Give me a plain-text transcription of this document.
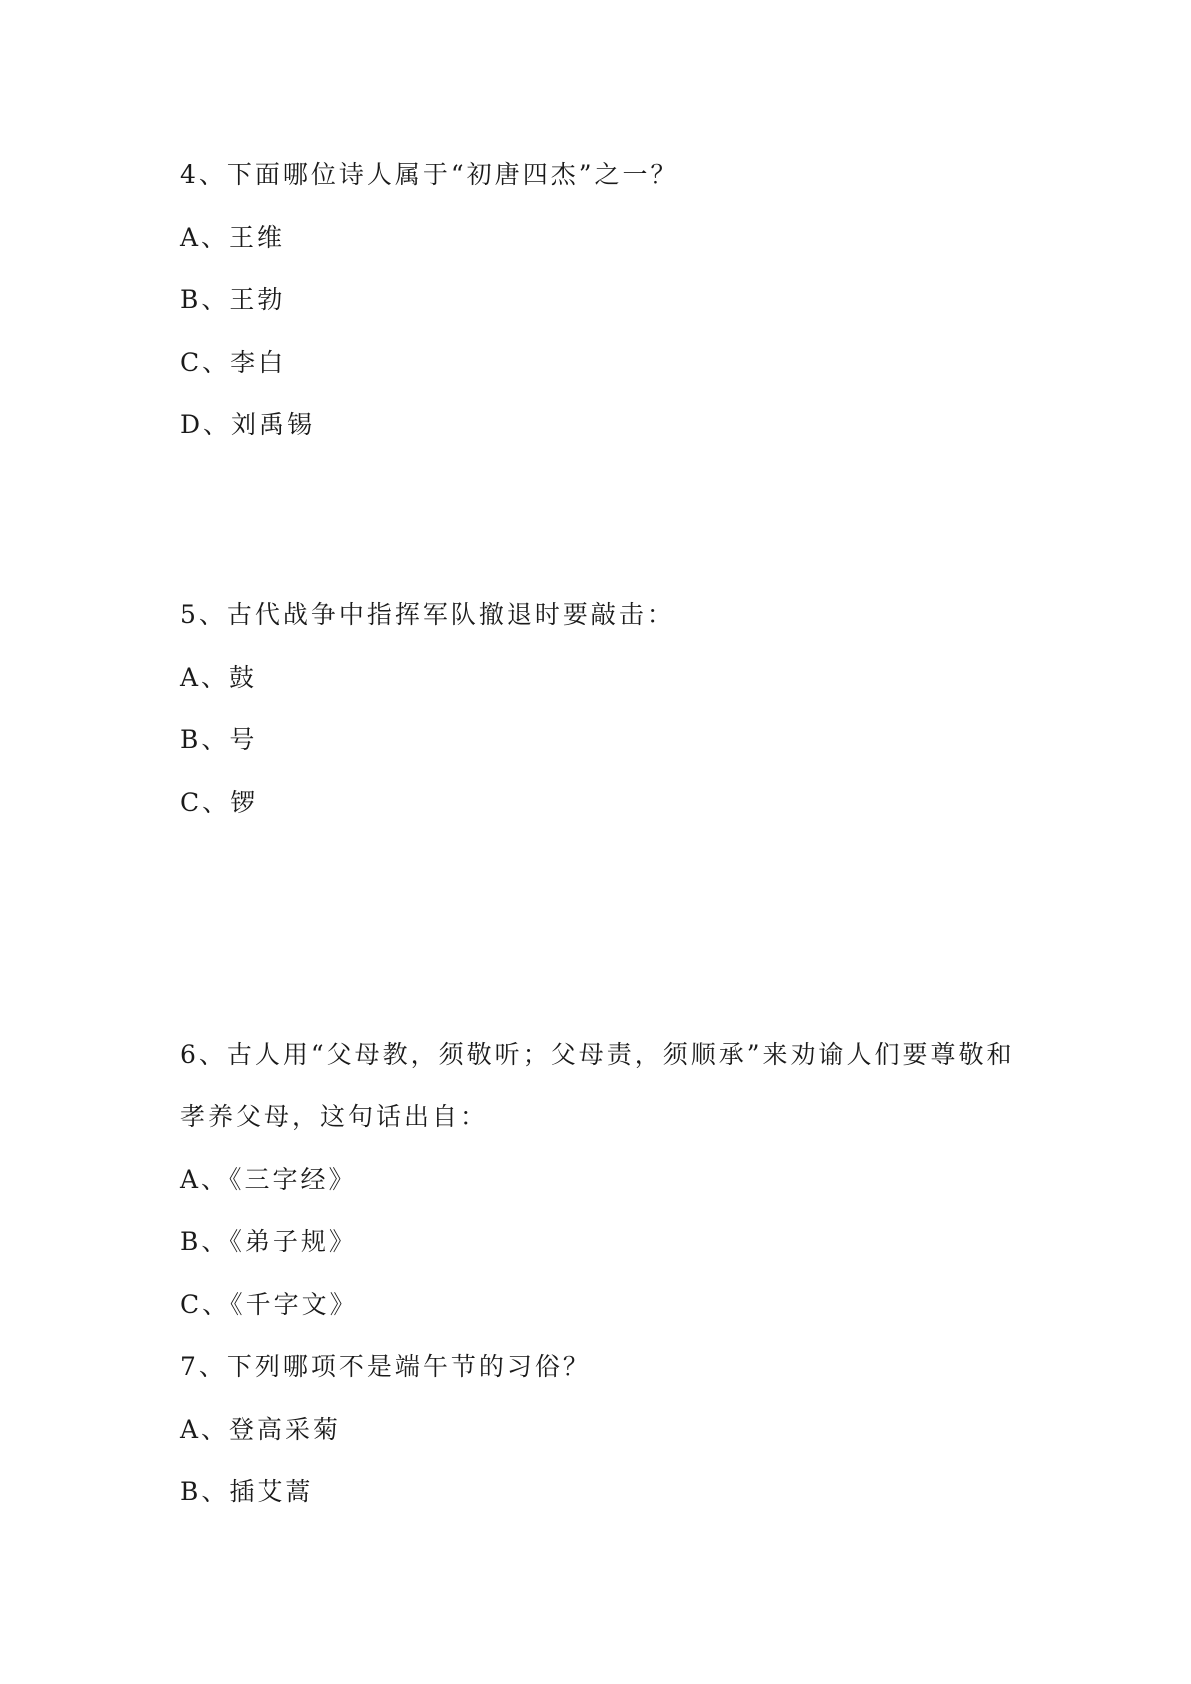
4、下面哪位诗人属于“初唐四杰”之一？

A、王维

B、王勃

C、李白

D、刘禹锡

5、古代战争中指挥军队撤退时要敲击：

A、鼓

B、号

C、锣

6、古人用“父母教，须敬听；父母责，须顺承”来劝谕人们要尊敬和

孝养父母，这句话出自：

A、《三字经》

B、《弟子规》

C、《千字文》

7、下列哪项不是端午节的习俗？

A、登高采菊

B、插艾蒿
